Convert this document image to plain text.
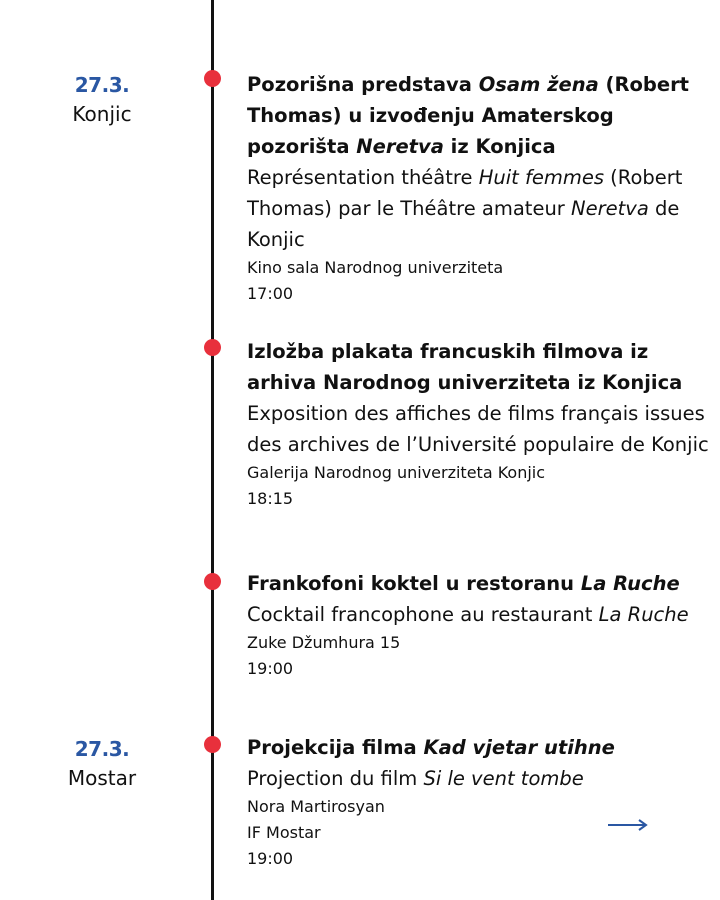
27.3.
Konjic
27.3.
Mostar
Pozorišna predstava Osam žena (Robert Thomas) u izvođenju Amaterskog pozorišta Neretva iz Konjica
Représentation théâtre Huit femmes (Robert Thomas) par le Théâtre amateur Neretva de Konjic
Kino sala Narodnog univerziteta
17:00
Izložba plakata francuskih filmova iz arhiva Narodnog univerziteta iz Konjica
Exposition des affiches de films français issues des archives de l’Université populaire de Konjic
Galerija Narodnog univerziteta Konjic
18:15
Frankofoni koktel u restoranu La Ruche
Cocktail francophone au restaurant La Ruche
Zuke Džumhura 15
19:00
Projekcija filma Kad vjetar utihne
Projection du film Si le vent tombe
Nora Martirosyan
IF Mostar
19:00
